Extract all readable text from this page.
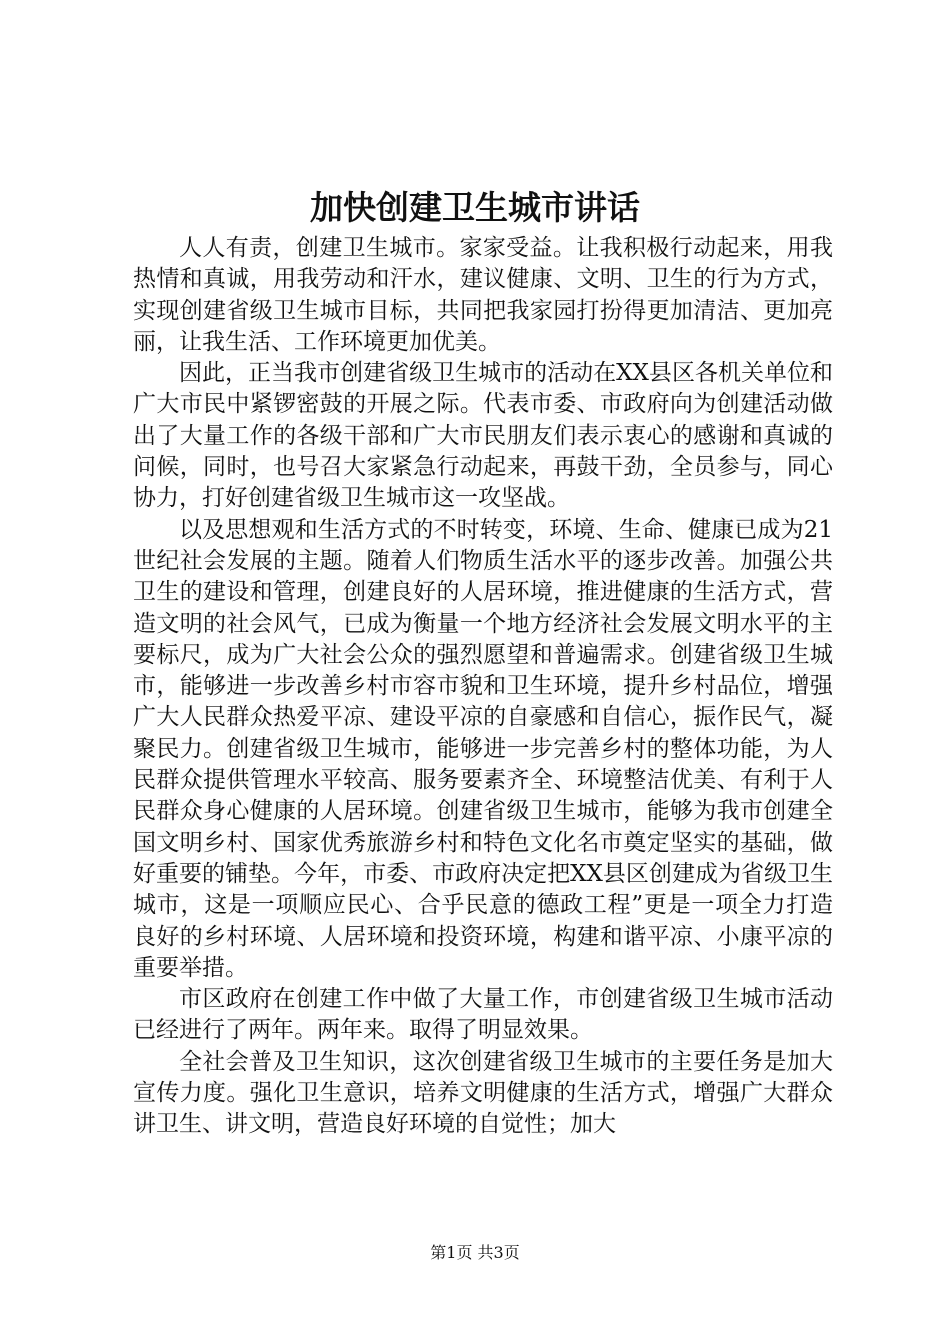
加快创建卫生城市讲话

人人有责，创建卫生城市。家家受益。让我积极行动起来，用我热情和真诚，用我劳动和汗水，建议健康、文明、卫生的行为方式，实现创建省级卫生城市目标，共同把我家园打扮得更加清洁、更加亮丽，让我生活、工作环境更加优美。

因此，正当我市创建省级卫生城市的活动在XX县区各机关单位和广大市民中紧锣密鼓的开展之际。代表市委、市政府向为创建活动做出了大量工作的各级干部和广大市民朋友们表示衷心的感谢和真诚的问候，同时，也号召大家紧急行动起来，再鼓干劲，全员参与，同心协力，打好创建省级卫生城市这一攻坚战。

以及思想观和生活方式的不时转变，环境、生命、健康已成为21世纪社会发展的主题。随着人们物质生活水平的逐步改善。加强公共卫生的建设和管理，创建良好的人居环境，推进健康的生活方式，营造文明的社会风气，已成为衡量一个地方经济社会发展文明水平的主要标尺，成为广大社会公众的强烈愿望和普遍需求。创建省级卫生城市，能够进一步改善乡村市容市貌和卫生环境，提升乡村品位，增强广大人民群众热爱平凉、建设平凉的自豪感和自信心，振作民气，凝聚民力。创建省级卫生城市，能够进一步完善乡村的整体功能，为人民群众提供管理水平较高、服务要素齐全、环境整洁优美、有利于人民群众身心健康的人居环境。创建省级卫生城市，能够为我市创建全国文明乡村、国家优秀旅游乡村和特色文化名市奠定坚实的基础，做好重要的铺垫。今年，市委、市政府决定把XX县区创建成为省级卫生城市，这是一项顺应民心、合乎民意的德政工程”更是一项全力打造良好的乡村环境、人居环境和投资环境，构建和谐平凉、小康平凉的重要举措。

市区政府在创建工作中做了大量工作，市创建省级卫生城市活动已经进行了两年。两年来。取得了明显效果。

全社会普及卫生知识，这次创建省级卫生城市的主要任务是加大宣传力度。强化卫生意识，培养文明健康的生活方式，增强广大群众讲卫生、讲文明，营造良好环境的自觉性；加大

第1页 共3页
